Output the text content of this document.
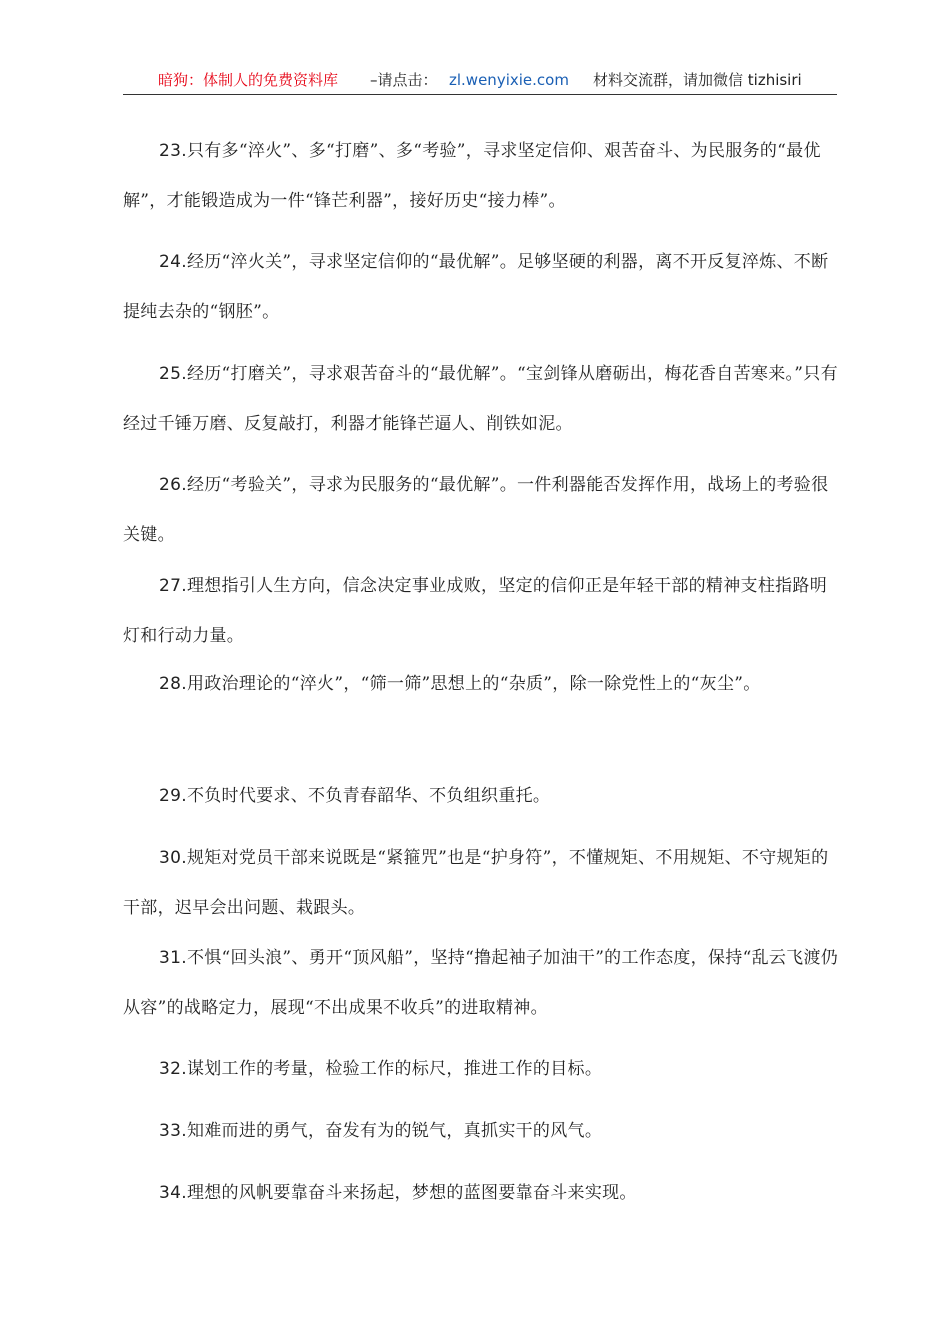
暗狗：体制人的免费资料库 –请点击： zl.wenyixie.com 材料交流群，请加微信 tizhisiri

23.只有多“淬火”、多“打磨”、多“考验”，寻求坚定信仰、艰苦奋斗、为民服务的“最优解”，才能锻造成为一件“锋芒利器”，接好历史“接力棒”。

24.经历“淬火关”，寻求坚定信仰的“最优解”。足够坚硬的利器，离不开反复淬炼、不断提纯去杂的“钢胚”。

25.经历“打磨关”，寻求艰苦奋斗的“最优解”。“宝剑锋从磨砺出，梅花香自苦寒来。”只有经过千锤万磨、反复敲打，利器才能锋芒逼人、削铁如泥。

26.经历“考验关”，寻求为民服务的“最优解”。一件利器能否发挥作用，战场上的考验很关键。

27.理想指引人生方向，信念决定事业成败，坚定的信仰正是年轻干部的精神支柱指路明灯和行动力量。

28.用政治理论的“淬火”，“筛一筛”思想上的“杂质”，除一除党性上的“灰尘”。

29.不负时代要求、不负青春韶华、不负组织重托。

30.规矩对党员干部来说既是“紧箍咒”也是“护身符”，不懂规矩、不用规矩、不守规矩的干部，迟早会出问题、栽跟头。

31.不惧“回头浪”、勇开“顶风船”，坚持“撸起袖子加油干”的工作态度，保持“乱云飞渡仍从容”的战略定力，展现“不出成果不收兵”的进取精神。

32.谋划工作的考量，检验工作的标尺，推进工作的目标。

33.知难而进的勇气，奋发有为的锐气，真抓实干的风气。

34.理想的风帆要靠奋斗来扬起，梦想的蓝图要靠奋斗来实现。
